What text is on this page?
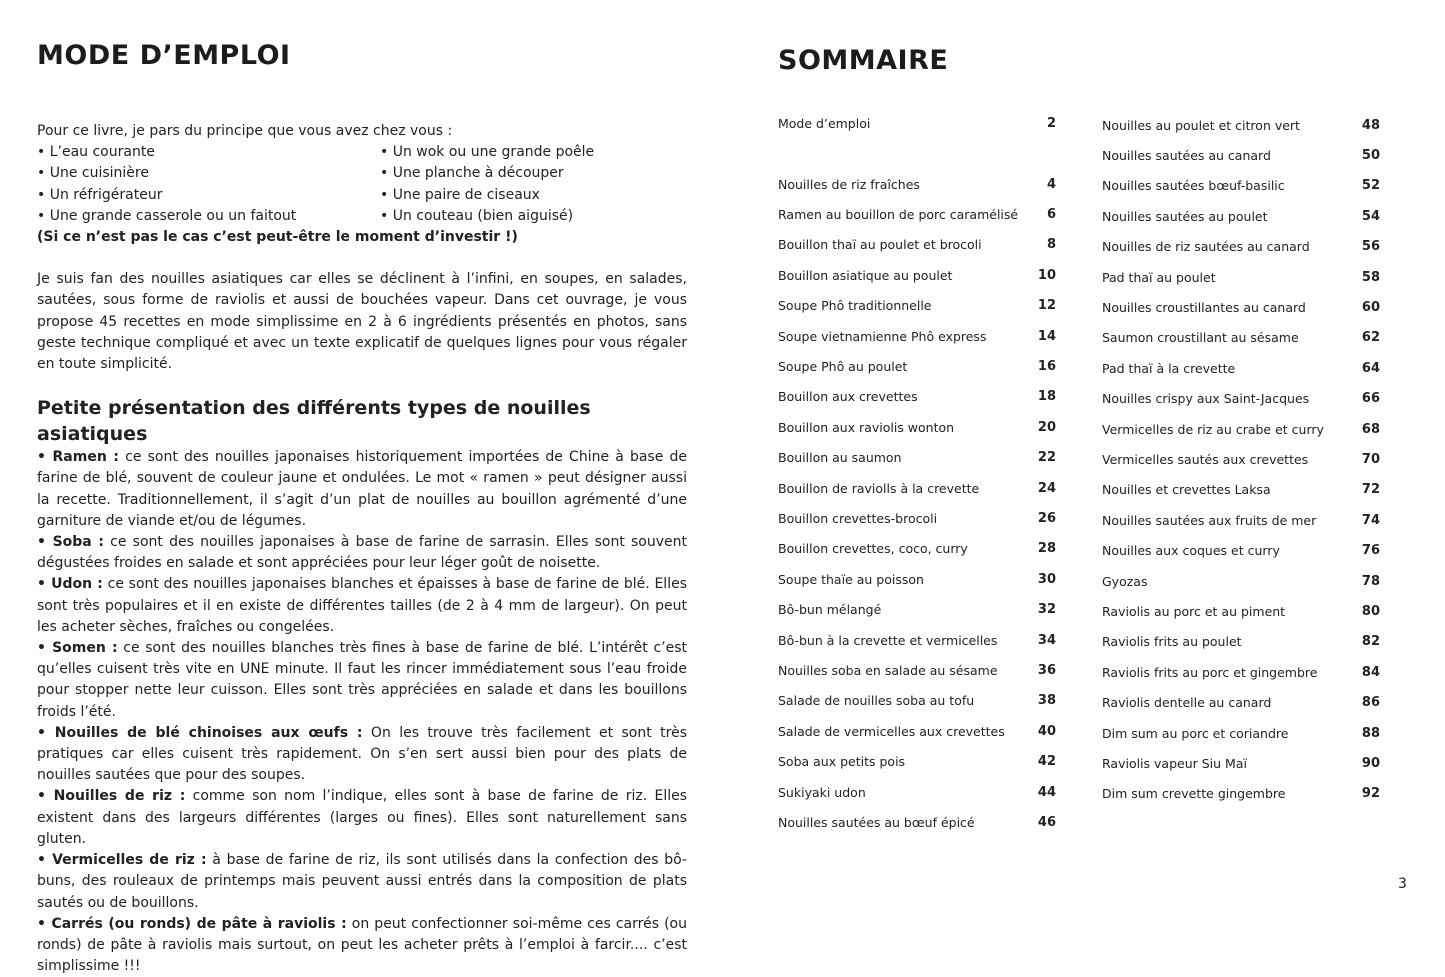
MODE D’EMPLOI
Pour ce livre, je pars du principe que vous avez chez vous :
• L’eau courante	• Un wok ou une grande poêle
• Une cuisinière	• Une planche à découper
• Un réfrigérateur	• Une paire de ciseaux
• Une grande casserole ou un faitout	• Un couteau (bien aiguisé)
(Si ce n’est pas le cas c’est peut-être le moment d’investir !)
Je suis fan des nouilles asiatiques car elles se déclinent à l’infini, en soupes, en salades, sautées, sous forme de raviolis et aussi de bouchées vapeur. Dans cet ouvrage, je vous propose 45 recettes en mode simplissime en 2 à 6 ingrédients présentés en photos, sans geste technique compliqué et avec un texte explicatif de quelques lignes pour vous régaler en toute simplicité.
Petite présentation des différents types de nouilles asiatiques
• Ramen : ce sont des nouilles japonaises historiquement importées de Chine à base de farine de blé, souvent de couleur jaune et ondulées. Le mot « ramen » peut désigner aussi la recette. Traditionnellement, il s’agit d’un plat de nouilles au bouillon agrémenté d’une garniture de viande et/ou de légumes.
• Soba : ce sont des nouilles japonaises à base de farine de sarrasin. Elles sont souvent dégustées froides en salade et sont appréciées pour leur léger goût de noisette.
• Udon : ce sont des nouilles japonaises blanches et épaisses à base de farine de blé. Elles sont très populaires et il en existe de différentes tailles (de 2 à 4 mm de largeur). On peut les acheter sèches, fraîches ou congelées.
• Somen : ce sont des nouilles blanches très fines à base de farine de blé. L’intérêt c’est qu’elles cuisent très vite en UNE minute. Il faut les rincer immédiatement sous l’eau froide pour stopper nette leur cuisson. Elles sont très appréciées en salade et dans les bouillons froids l’été.
• Nouilles de blé chinoises aux œufs : On les trouve très facilement et sont très pratiques car elles cuisent très rapidement. On s’en sert aussi bien pour des plats de nouilles sautées que pour des soupes.
• Nouilles de riz : comme son nom l’indique, elles sont à base de farine de riz. Elles existent dans des largeurs différentes (larges ou fines). Elles sont naturellement sans gluten.
• Vermicelles de riz : à base de farine de riz, ils sont utilisés dans la confection des bô-buns, des rouleaux de printemps mais peuvent aussi entrés dans la composition de plats sautés ou de bouillons.
• Carrés (ou ronds) de pâte à raviolis : on peut confectionner soi-même ces carrés (ou ronds) de pâte à raviolis mais surtout, on peut les acheter prêts à l’emploi à farcir.... c’est simplissime !!!
SOMMAIRE
Mode d’emploi	2
Nouilles de riz fraîches	4
Ramen au bouillon de porc caramélisé 6
Bouillon thaï au poulet et brocoli	8
Bouillon asiatique au poulet	10
Soupe Phô traditionnelle	12
Soupe vietnamienne Phô express	14
Soupe Phô au poulet	16
Bouillon aux crevettes	18
Bouillon aux raviolis wonton	20
Bouillon au saumon	22
Bouillon de raviolls à la crevette	24
Bouillon crevettes-brocoli	26
Bouillon crevettes, coco, curry	28
Soupe thaïe au poisson	30
Bô-bun mélangé	32
Bô-bun à la crevette et vermicelles	34
Nouilles soba en salade au sésame	36
Salade de nouilles soba au tofu	38
Salade de vermicelles aux crevettes	40
Soba aux petits pois	42
Sukiyaki udon	44
Nouilles sautées au bœuf épicé	46
Nouilles au poulet et citron vert	48
Nouilles sautées au canard	50
Nouilles sautées bœuf-basilic	52
Nouilles sautées au poulet	54
Nouilles de riz sautées au canard	56
Pad thaï au poulet	58
Nouilles croustillantes au canard	60
Saumon croustillant au sésame	62
Pad thaï à la crevette	64
Nouilles crispy aux Saint-Jacques	66
Vermicelles de riz au crabe et curry	68
Vermicelles sautés aux crevettes	70
Nouilles et crevettes Laksa	72
Nouilles sautées aux fruits de mer	74
Nouilles aux coques et curry	76
Gyozas	78
Raviolis au porc et au piment	80
Raviolis frits au poulet	82
Raviolis frits au porc et gingembre	84
Raviolis dentelle au canard	86
Dim sum au porc et coriandre	88
Raviolis vapeur Siu Maï	90
Dim sum crevette gingembre	92
3
